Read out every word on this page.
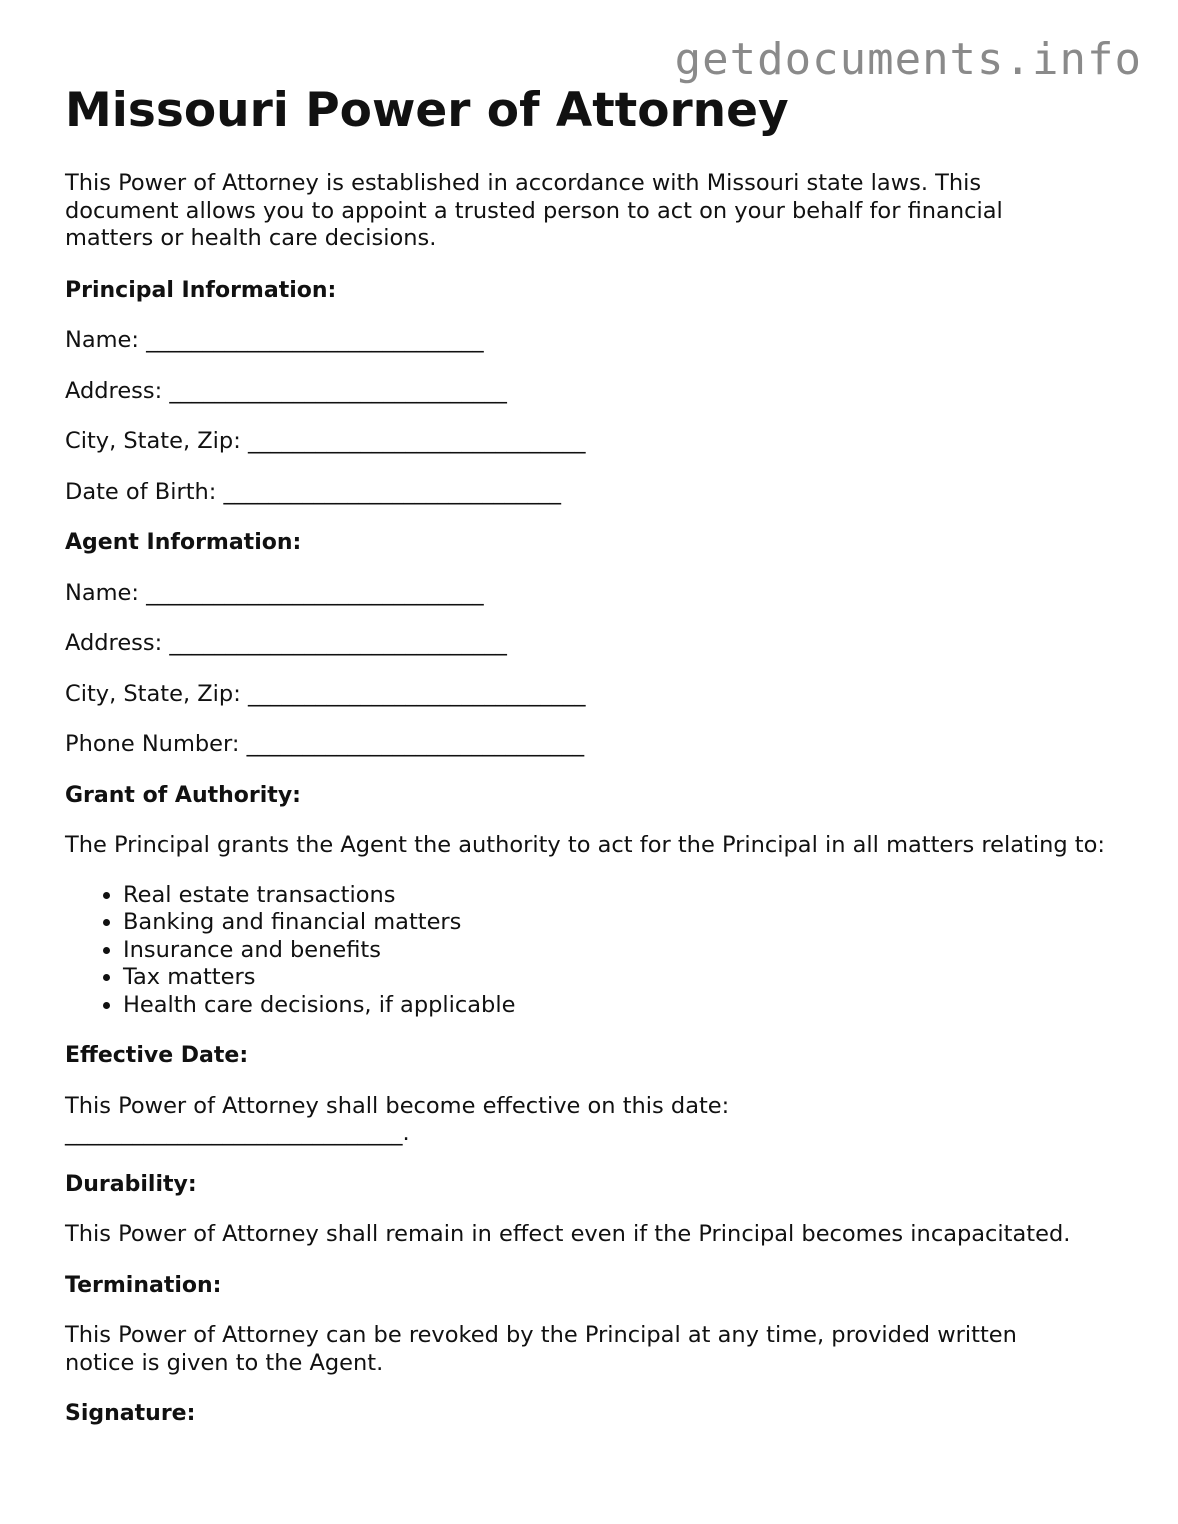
getdocuments.info
Missouri Power of Attorney

This Power of Attorney is established in accordance with Missouri state laws. This document allows you to appoint a trusted person to act on your behalf for financial matters or health care decisions.

Principal Information:

Name: ______________________________

Address: ______________________________

City, State, Zip: ______________________________

Date of Birth: ______________________________

Agent Information:

Name: ______________________________

Address: ______________________________

City, State, Zip: ______________________________

Phone Number: ______________________________

Grant of Authority:

The Principal grants the Agent the authority to act for the Principal in all matters relating to:

• Real estate transactions
• Banking and financial matters
• Insurance and benefits
• Tax matters
• Health care decisions, if applicable

Effective Date:

This Power of Attorney shall become effective on this date:

______________________________.

Durability:

This Power of Attorney shall remain in effect even if the Principal becomes incapacitated.

Termination:

This Power of Attorney can be revoked by the Principal at any time, provided written notice is given to the Agent.

Signature:
